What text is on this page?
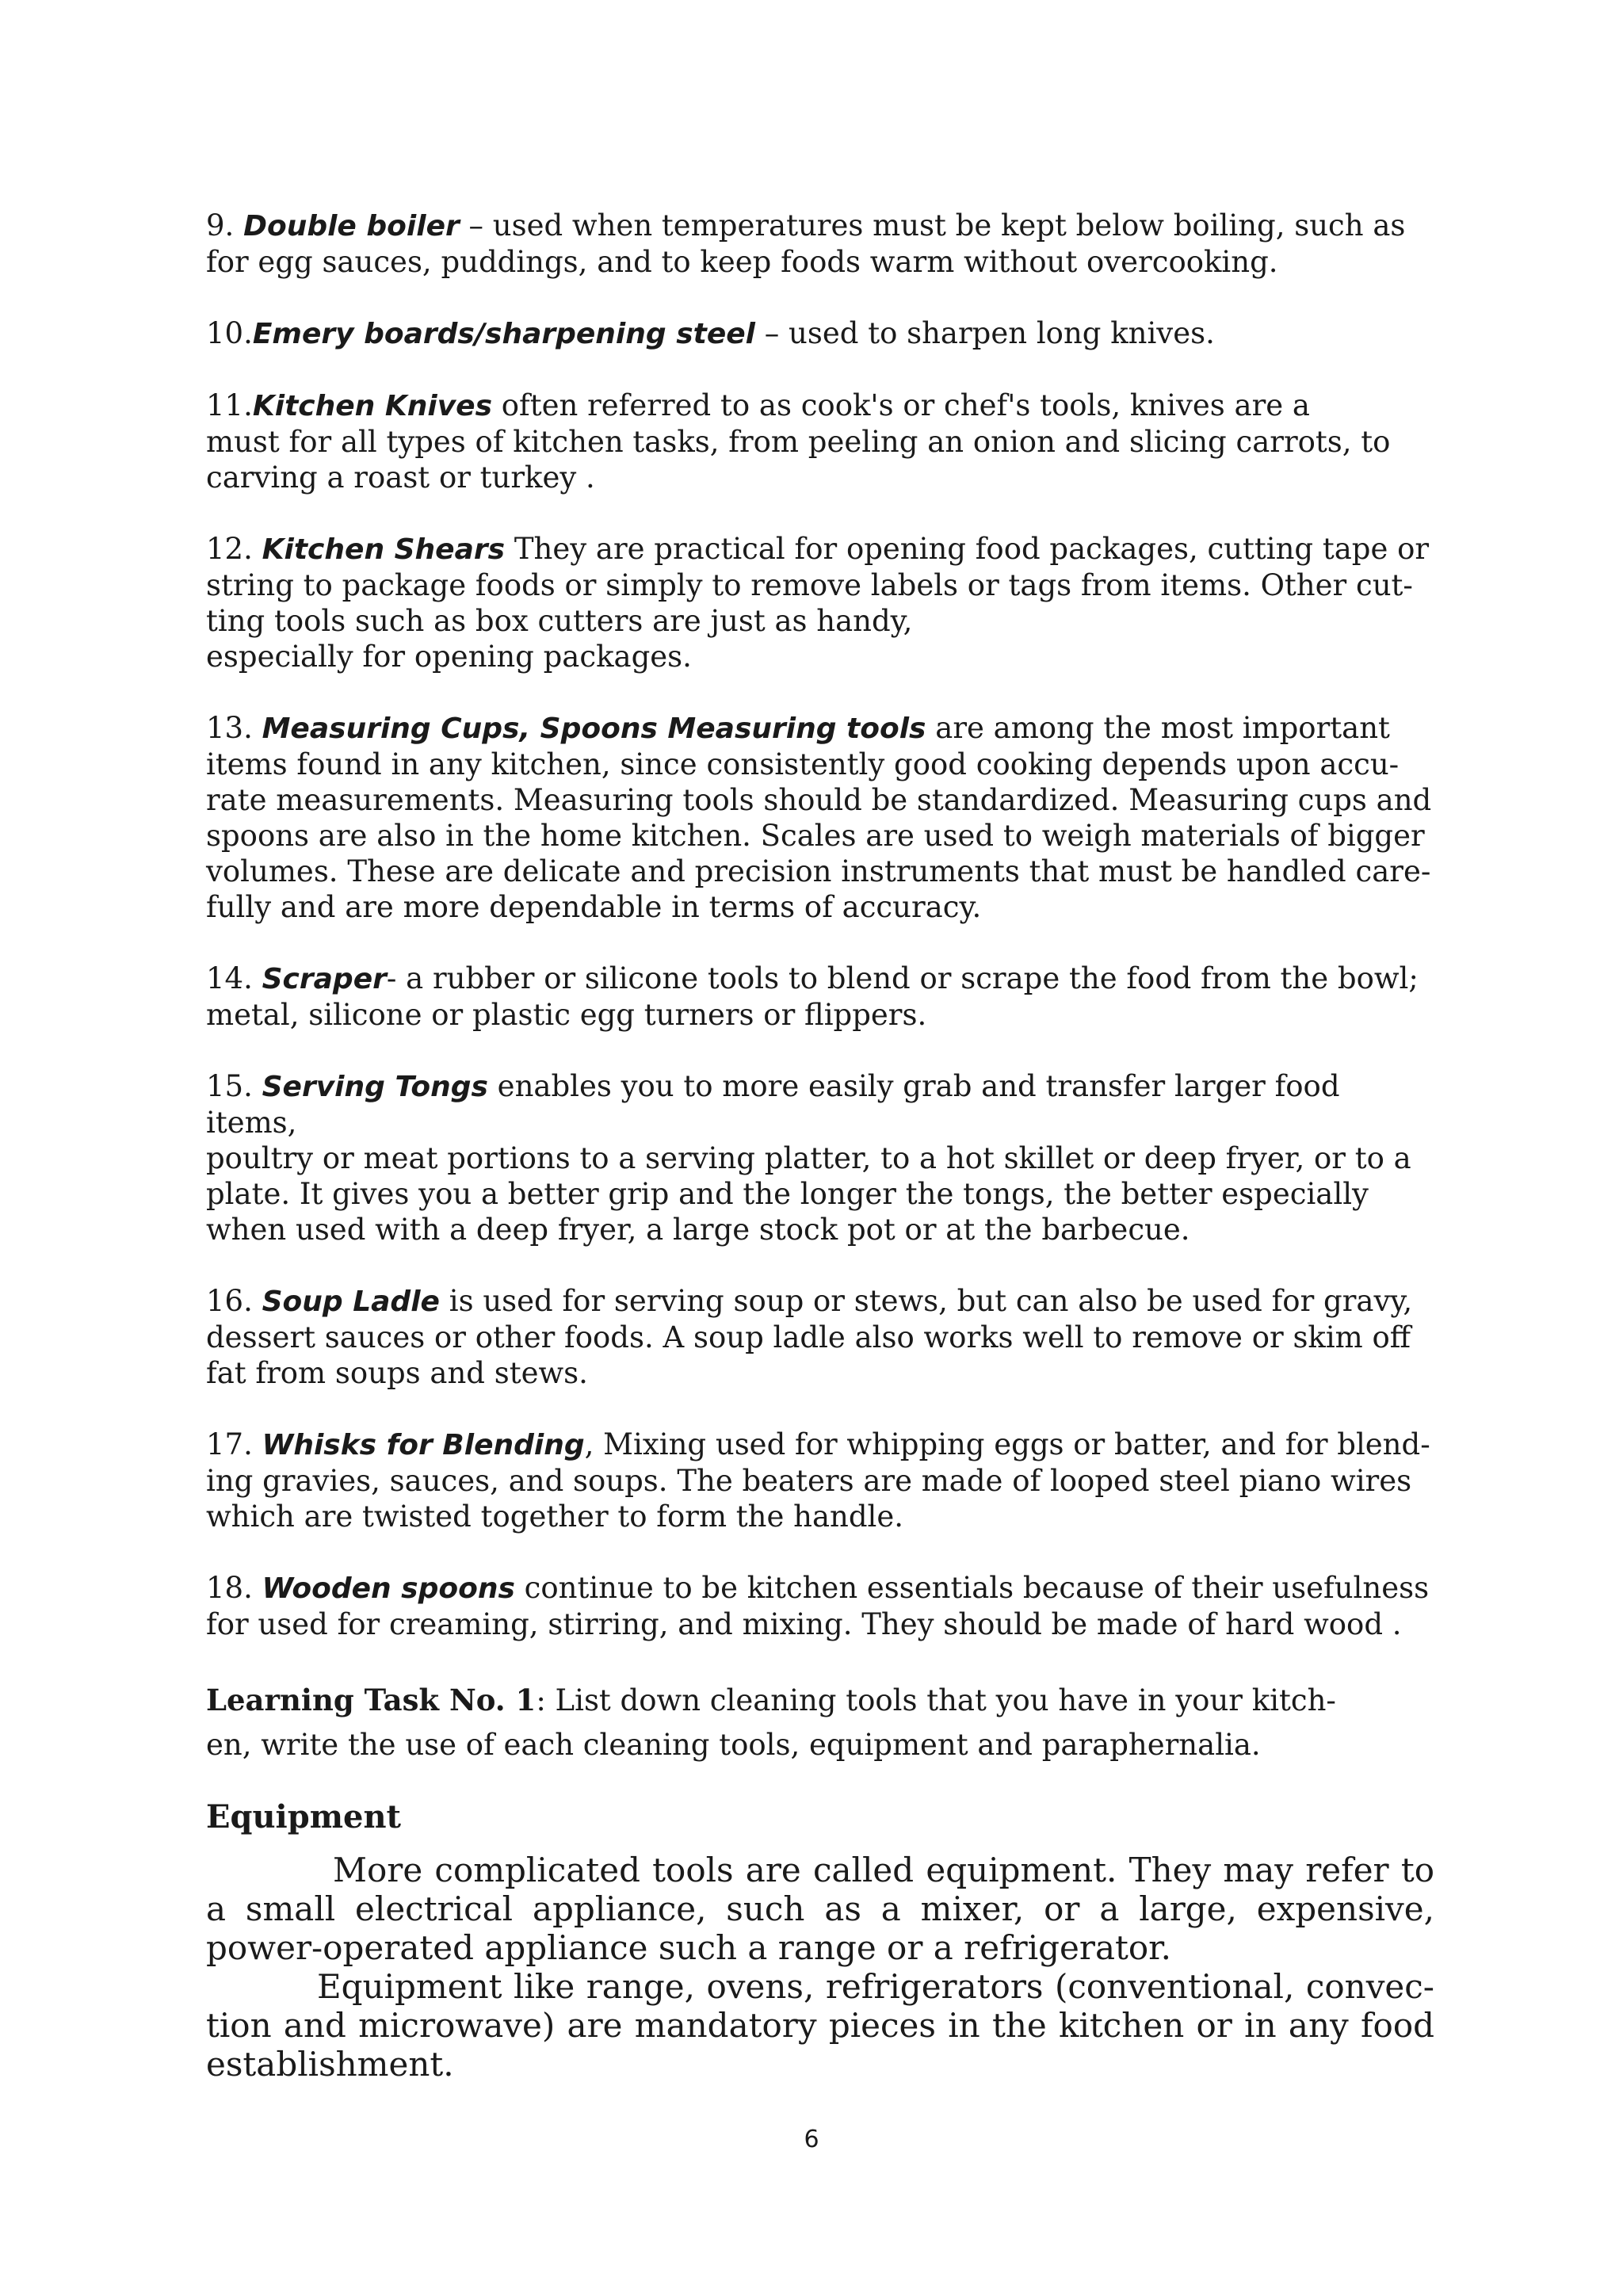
9. Double boiler – used when temperatures must be kept below boiling, such as
for egg sauces, puddings, and to keep foods warm without overcooking.

10.Emery boards/sharpening steel – used to sharpen long knives.

11.Kitchen Knives often referred to as cook's or chef's tools, knives are a
must for all types of kitchen tasks, from peeling an onion and slicing carrots, to
carving a roast or turkey .

12. Kitchen Shears They are practical for opening food packages, cutting tape or
string to package foods or simply to remove labels or tags from items. Other cut-
ting tools such as box cutters are just as handy,
especially for opening packages.

13. Measuring Cups, Spoons Measuring tools are among the most important
items found in any kitchen, since consistently good cooking depends upon accu-
rate measurements. Measuring tools should be standardized. Measuring cups and
spoons are also in the home kitchen. Scales are used to weigh materials of bigger
volumes. These are delicate and precision instruments that must be handled care-
fully and are more dependable in terms of accuracy.

14. Scraper- a rubber or silicone tools to blend or scrape the food from the bowl;
metal, silicone or plastic egg turners or flippers.

15. Serving Tongs enables you to more easily grab and transfer larger food items,
poultry or meat portions to a serving platter, to a hot skillet or deep fryer, or to a
plate. It gives you a better grip and the longer the tongs, the better especially
when used with a deep fryer, a large stock pot or at the barbecue.

16. Soup Ladle is used for serving soup or stews, but can also be used for gravy,
dessert sauces or other foods. A soup ladle also works well to remove or skim off
fat from soups and stews.

17. Whisks for Blending, Mixing used for whipping eggs or batter, and for blend-
ing gravies, sauces, and soups. The beaters are made of looped steel piano wires
which are twisted together to form the handle.

18. Wooden spoons continue to be kitchen essentials because of their usefulness
for used for creaming, stirring, and mixing. They should be made of hard wood .

Learning Task No. 1: List down cleaning tools that you have in your kitch-
en, write the use of each cleaning tools, equipment and paraphernalia.
Equipment

More complicated tools are called equipment. They may refer to a small electrical appliance, such as a mixer, or a large, expensive, power-operated appliance such a range or a refrigerator.

Equipment like range, ovens, refrigerators (conventional, convec-tion and microwave) are mandatory pieces in the kitchen or in any food establishment.

6
